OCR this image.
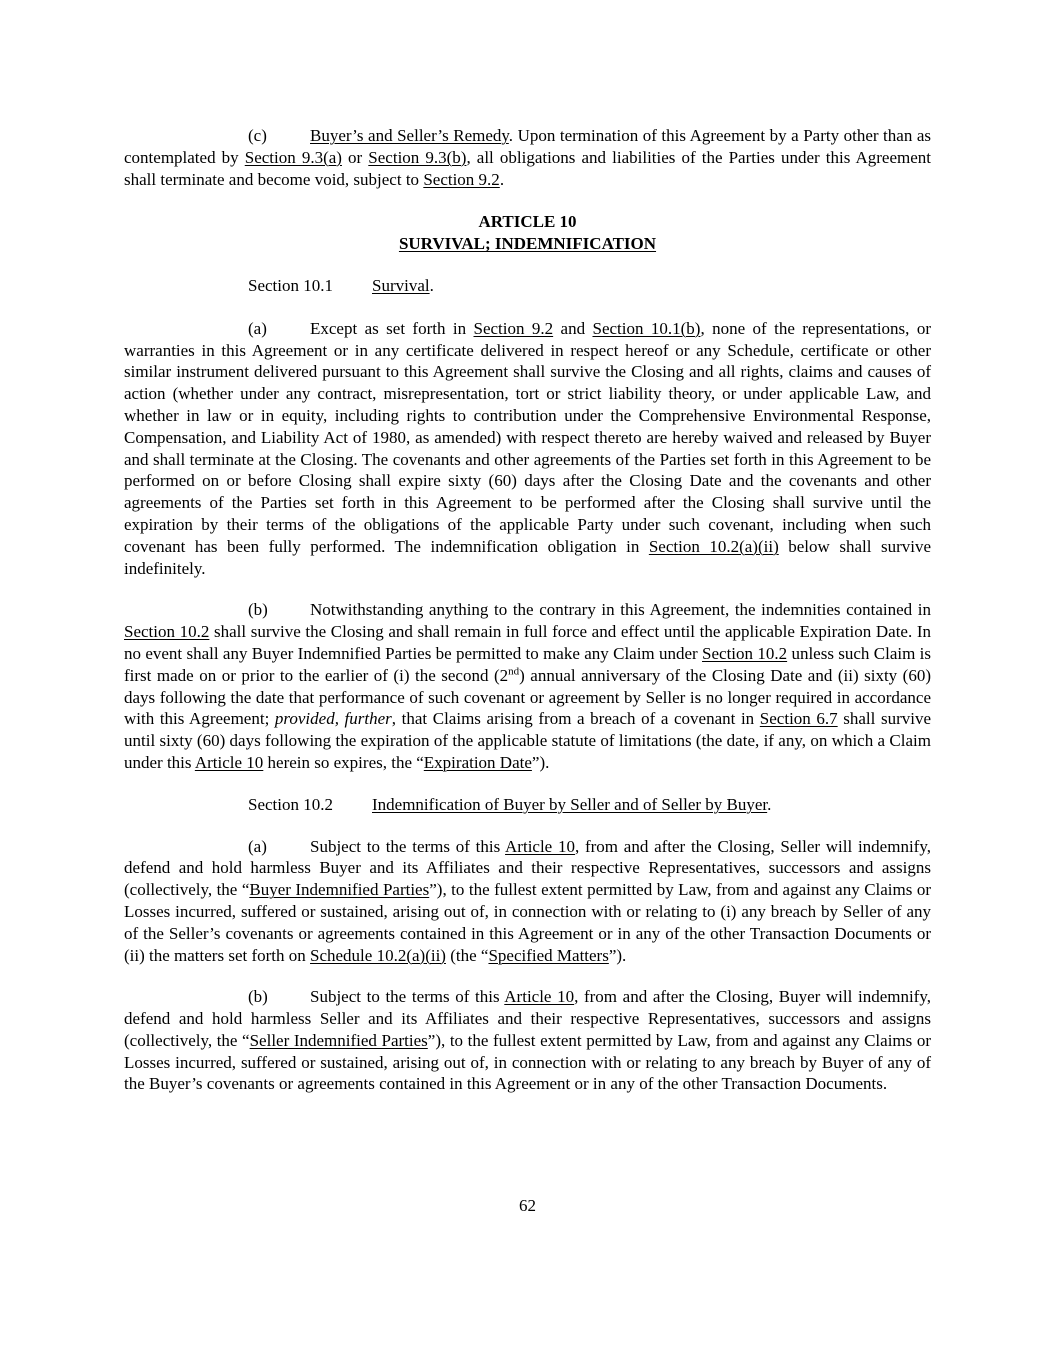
(c)	Buyer’s and Seller’s Remedy. Upon termination of this Agreement by a Party other than as contemplated by Section 9.3(a) or Section 9.3(b), all obligations and liabilities of the Parties under this Agreement shall terminate and become void, subject to Section 9.2.

ARTICLE 10

SURVIVAL; INDEMNIFICATION

Section 10.1 Survival.

(a)	Except as set forth in Section 9.2 and Section 10.1(b), none of the representations, or warranties in this Agreement or in any certificate delivered in respect hereof or any Schedule, certificate or other similar instrument delivered pursuant to this Agreement shall survive the Closing and all rights, claims and causes of action (whether under any contract, misrepresentation, tort or strict liability theory, or under applicable Law, and whether in law or in equity, including rights to contribution under the Comprehensive Environmental Response, Compensation, and Liability Act of 1980, as amended) with respect thereto are hereby waived and released by Buyer and shall terminate at the Closing. The covenants and other agreements of the Parties set forth in this Agreement to be performed on or before Closing shall expire sixty (60) days after the Closing Date and the covenants and other agreements of the Parties set forth in this Agreement to be performed after the Closing shall survive until the expiration by their terms of the obligations of the applicable Party under such covenant, including when such covenant has been fully performed. The indemnification obligation in Section 10.2(a)(ii) below shall survive indefinitely.

(b) Notwithstanding anything to the contrary in this Agreement, the indemnities contained in Section 10.2 shall survive the Closing and shall remain in full force and effect until the applicable Expiration Date. In no event shall any Buyer Indemnified Parties be permitted to make any Claim under Section 10.2 unless such Claim is first made on or prior to the earlier of (i) the second (2nd) annual anniversary of the Closing Date and (ii) sixty (60) days following the date that performance of such covenant or agreement by Seller is no longer required in accordance with this Agreement; provided, further, that Claims arising from a breach of a covenant in Section 6.7 shall survive until sixty (60) days following the expiration of the applicable statute of limitations (the date, if any, on which a Claim under this Article 10 herein so expires, the “Expiration Date”).

Section 10.2 Indemnification of Buyer by Seller and of Seller by Buyer.

(a)	Subject to the terms of this Article 10, from and after the Closing, Seller will indemnify, defend and hold harmless Buyer and its Affiliates and their respective Representatives, successors and assigns (collectively, the “Buyer Indemnified Parties”), to the fullest extent permitted by Law, from and against any Claims or Losses incurred, suffered or sustained, arising out of, in connection with or relating to (i) any breach by Seller of any of the Seller’s covenants or agreements contained in this Agreement or in any of the other Transaction Documents or (ii) the matters set forth on Schedule 10.2(a)(ii) (the “Specified Matters”).

(b) Subject to the terms of this Article 10, from and after the Closing, Buyer will indemnify, defend and hold harmless Seller and its Affiliates and their respective Representatives, successors and assigns (collectively, the “Seller Indemnified Parties”), to the fullest extent permitted by Law, from and against any Claims or Losses incurred, suffered or sustained, arising out of, in connection with or relating to any breach by Buyer of any of the Buyer’s covenants or agreements contained in this Agreement or in any of the other Transaction Documents.

62
